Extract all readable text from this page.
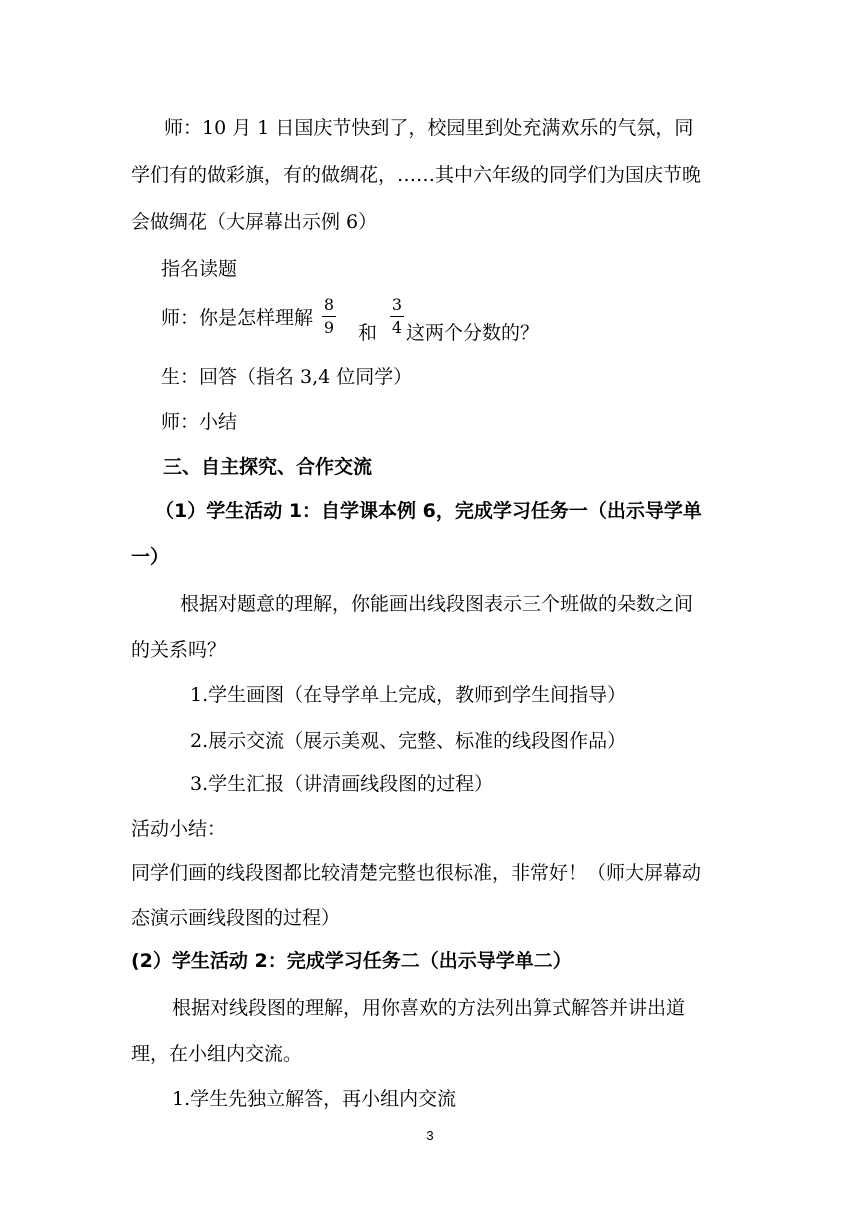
师：10 月 1 日国庆节快到了，校园里到处充满欢乐的气氛，同
学们有的做彩旗，有的做绸花，……其中六年级的同学们为国庆节晚
会做绸花（大屏幕出示例 6）
指名读题
师：你是怎样理解
8
9 和
3
4 这两个分数的？
生：回答（指名 3,4 位同学）
师：小结
三、自主探究、合作交流
（1）学生活动 1：自学课本例 6，完成学习任务一（出示导学单
一）
根据对题意的理解，你能画出线段图表示三个班做的朵数之间
的关系吗？
1.学生画图（在导学单上完成，教师到学生间指导）
2.展示交流（展示美观、完整、标准的线段图作品）
3.学生汇报（讲清画线段图的过程）
活动小结：
同学们画的线段图都比较清楚完整也很标准，非常好！（师大屏幕动
态演示画线段图的过程）
(2）学生活动 2：完成学习任务二（出示导学单二）
根据对线段图的理解，用你喜欢的方法列出算式解答并讲出道
理，在小组内交流。
1.学生先独立解答，再小组内交流
3
